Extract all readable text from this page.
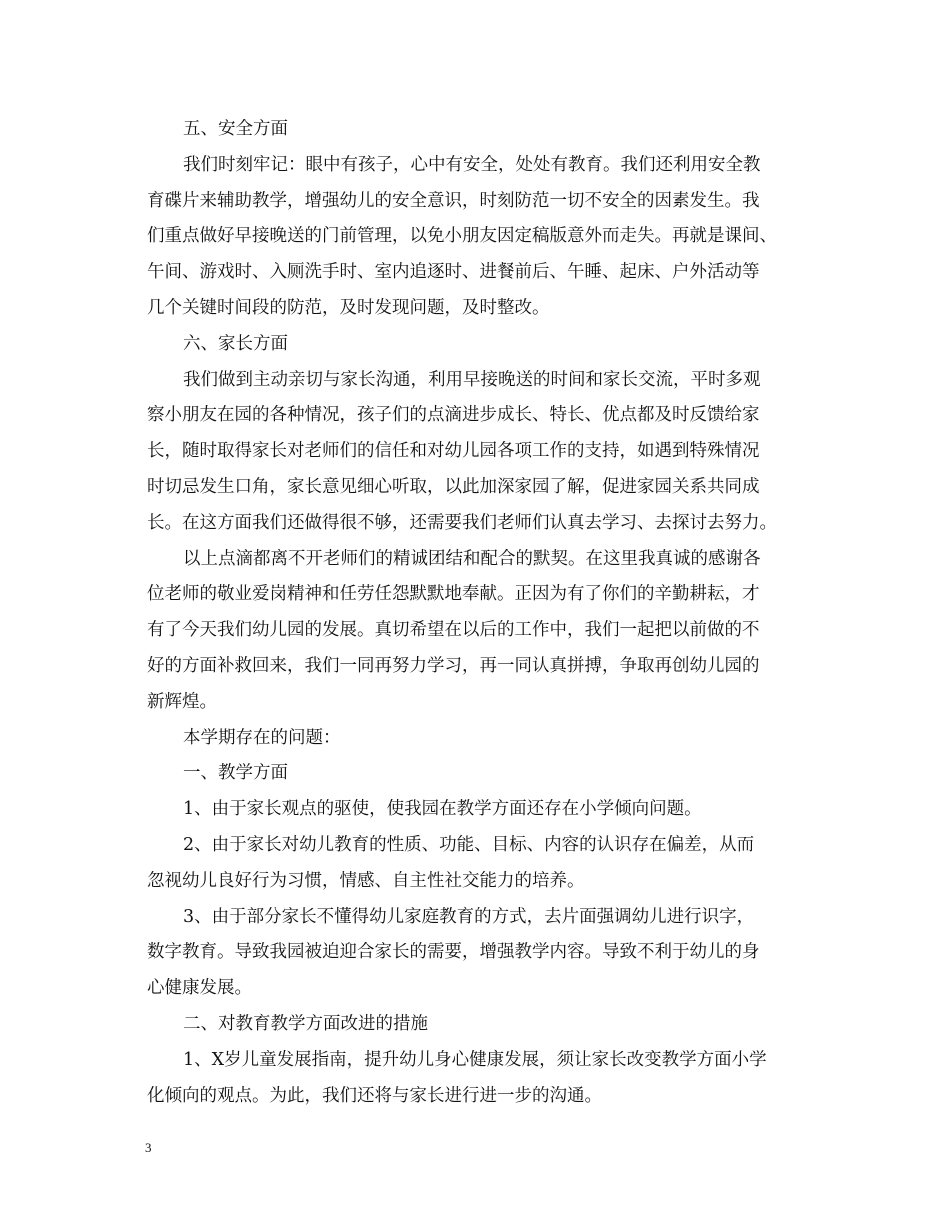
五、安全方面
我们时刻牢记：眼中有孩子，心中有安全，处处有教育。我们还利用安全教
育碟片来辅助教学，增强幼儿的安全意识，时刻防范一切不安全的因素发生。我
们重点做好早接晚送的门前管理，以免小朋友因定稿版意外而走失。再就是课间、
午间、游戏时、入厕洗手时、室内追逐时、进餐前后、午睡、起床、户外活动等
几个关键时间段的防范，及时发现问题，及时整改。
六、家长方面
我们做到主动亲切与家长沟通，利用早接晚送的时间和家长交流，平时多观
察小朋友在园的各种情况，孩子们的点滴进步成长、特长、优点都及时反馈给家
长，随时取得家长对老师们的信任和对幼儿园各项工作的支持，如遇到特殊情况
时切忌发生口角，家长意见细心听取，以此加深家园了解，促进家园关系共同成
长。在这方面我们还做得很不够，还需要我们老师们认真去学习、去探讨去努力。
以上点滴都离不开老师们的精诚团结和配合的默契。在这里我真诚的感谢各
位老师的敬业爱岗精神和任劳任怨默默地奉献。正因为有了你们的辛勤耕耘，才
有了今天我们幼儿园的发展。真切希望在以后的工作中，我们一起把以前做的不
好的方面补救回来，我们一同再努力学习，再一同认真拼搏，争取再创幼儿园的
新辉煌。
本学期存在的问题：
一、教学方面
1、由于家长观点的驱使，使我园在教学方面还存在小学倾向问题。
2、由于家长对幼儿教育的性质、功能、目标、内容的认识存在偏差，从而
忽视幼儿良好行为习惯，情感、自主性社交能力的培养。
3、由于部分家长不懂得幼儿家庭教育的方式，去片面强调幼儿进行识字，
数字教育。导致我园被迫迎合家长的需要，增强教学内容。导致不利于幼儿的身
心健康发展。
二、对教育教学方面改进的措施
1、X岁儿童发展指南，提升幼儿身心健康发展，须让家长改变教学方面小学
化倾向的观点。为此，我们还将与家长进行进一步的沟通。
3
